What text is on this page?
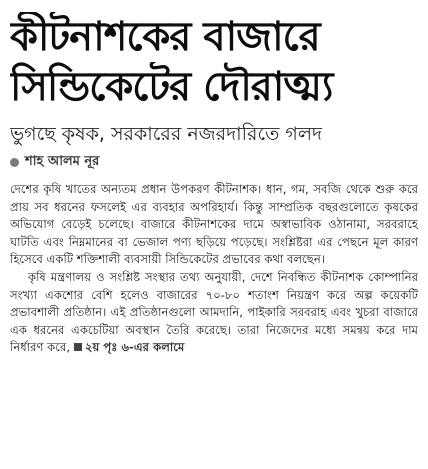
কীটনাশকের বাজারে
সিন্ডিকেটের দৌরাত্ম্য
ভুগছে কৃষক, সরকারের নজরদারিতে গলদ
শাহ আলম নূর

দেশের কৃষি খাতের অন্যতম প্রধান উপকরণ কীটনাশক। ধান, গম, সবজি থেকে শুরু করে প্রায় সব ধরনের ফসলেই এর ব্যবহার অপরিহার্য। কিন্তু সাম্প্রতিক বছরগুলোতে কৃষকের অভিযোগ বেড়েই চলেছে। বাজারে কীটনাশকের দামে অস্বাভাবিক ওঠানামা, সরবরাহে ঘাটতি এবং নিম্নমানের বা ভেজাল পণ্য ছড়িয়ে পড়েছে। সংশ্লিষ্টরা এর পেছনে মূল কারণ হিসেবে একটি শক্তিশালী ব্যবসায়ী সিন্ডিকেটের প্রভাবের কথা বলছেন।

কৃষি মন্ত্রণালয় ও সংশ্লিষ্ট সংস্থার তথ্য অনুযায়ী, দেশে নিবন্ধিত কীটনাশক কোম্পানির সংখ্যা একশোর বেশি হলেও বাজারের ৭০-৮০ শতাংশ নিয়ন্ত্রণ করে অল্প কয়েকটি প্রভাবশালী প্রতিষ্ঠান। এই প্রতিষ্ঠানগুলো আমদানি, পাইকারি সরবরাহ এবং খুচরা বাজারে এক ধরনের একচেটিয়া অবস্থান তৈরি করেছে। তারা নিজেদের মধ্যে সমন্বয় করে দাম নির্ধারণ করে, ২য় পৃঃ ৬-এর কলামে
